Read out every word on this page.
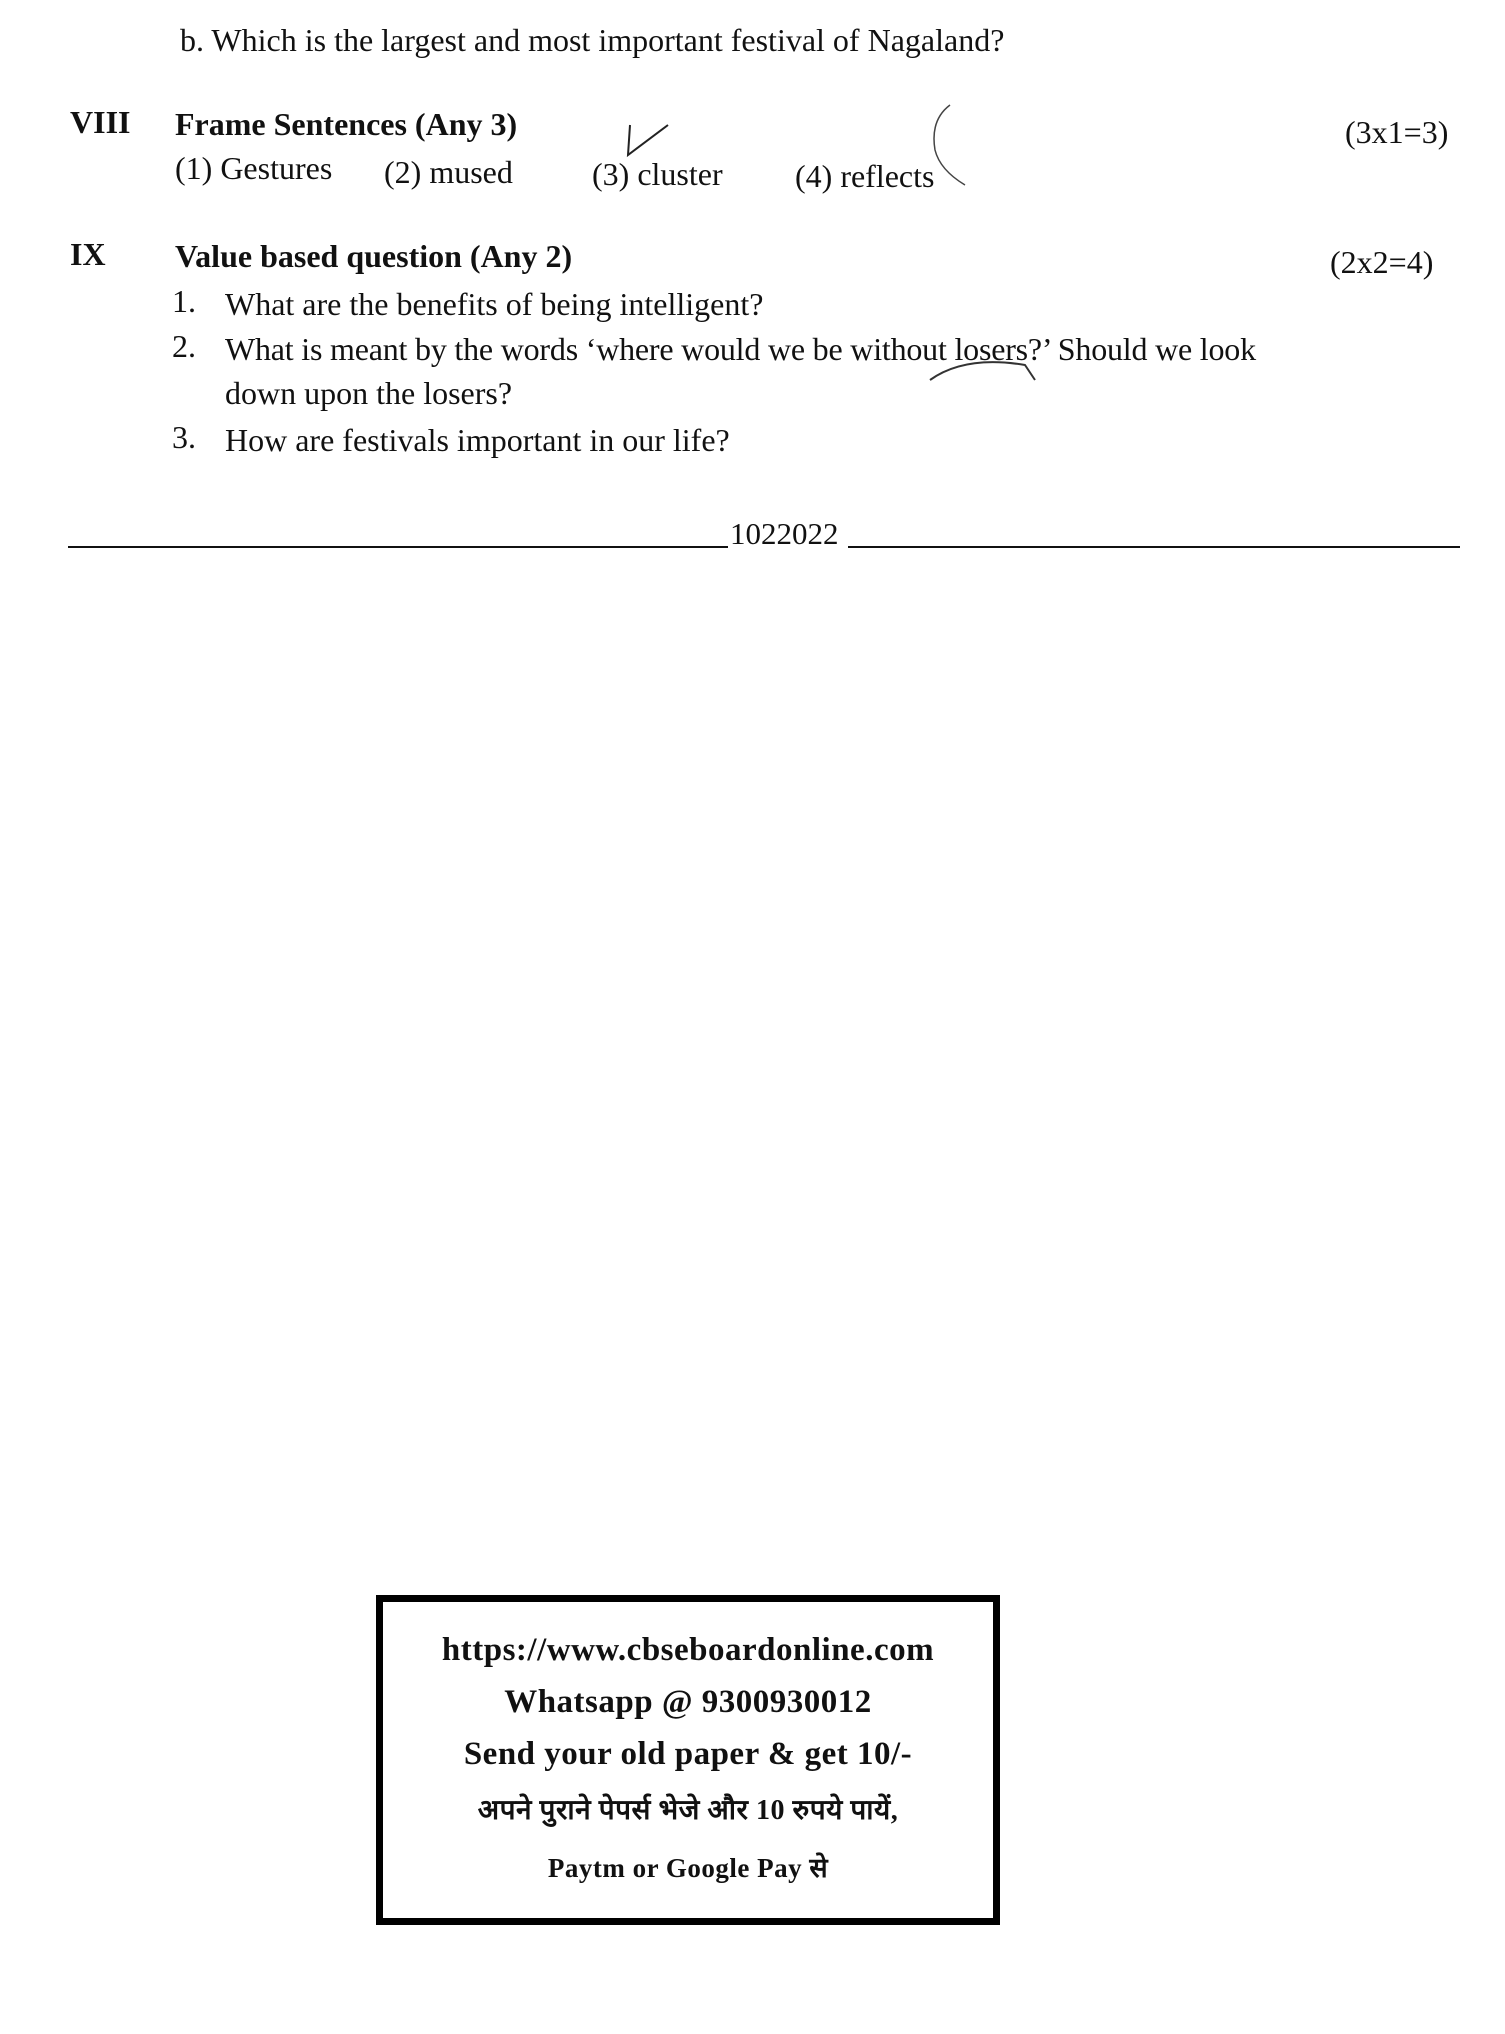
b. Which is the largest and most important festival of Nagaland?
VIII Frame Sentences (Any 3)	(3x1=3)
(1) Gestures (2) mused (3) cluster (4) reflects
IX Value based question (Any 2)	(2x2=4)
1. What are the benefits of being intelligent?
2. What is meant by the words ‘where would we be without losers?’ Should we look
down upon the losers?
3. How are festivals important in our life?
1022022
https://www.cbseboardonline.com
Whatsapp @ 9300930012
Send your old paper & get 10/-
अपने पुराने पेपर्स भेजे और 10 रुपये पायें,
Paytm or Google Pay से
